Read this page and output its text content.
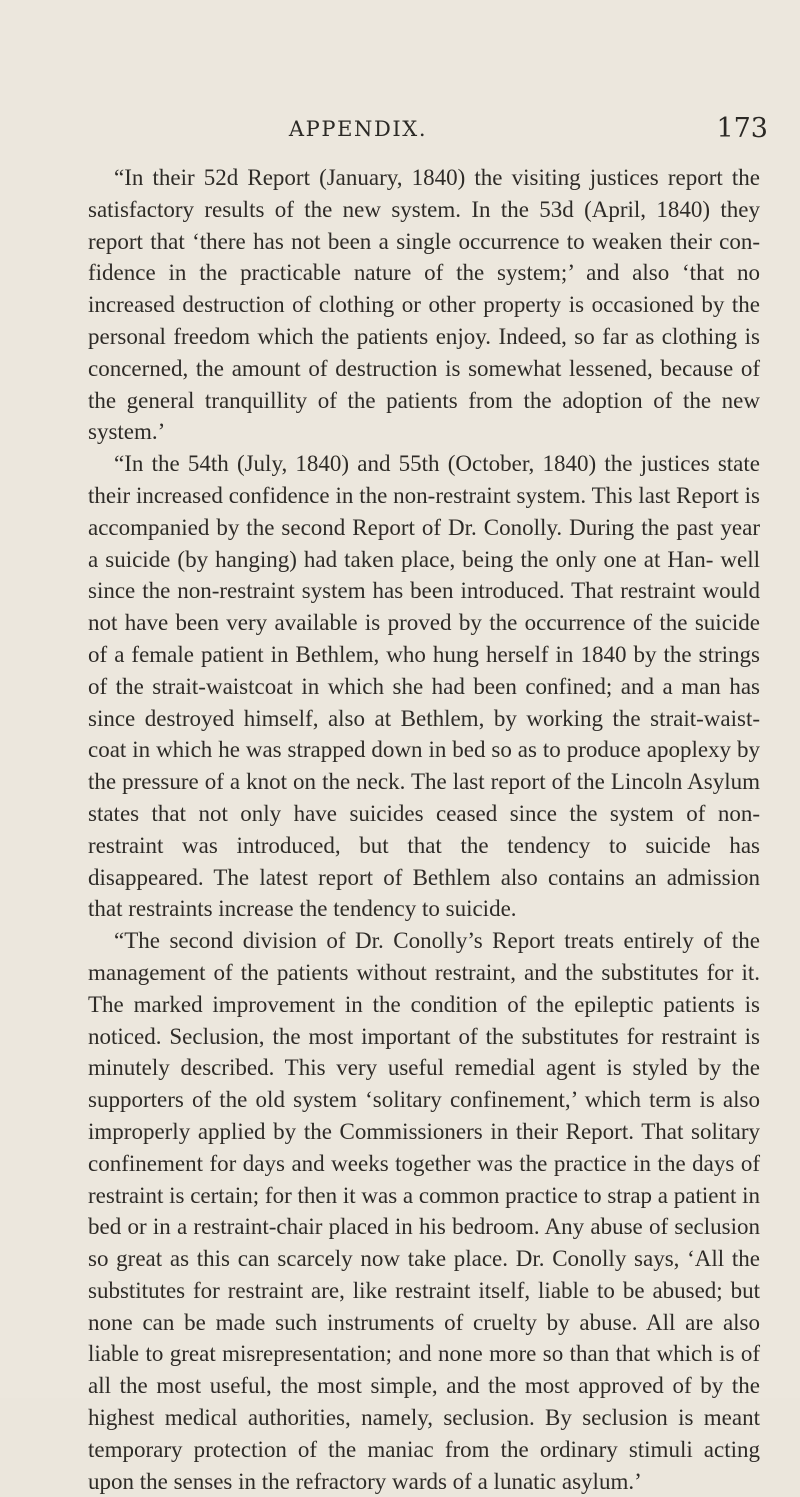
APPENDIX.	173

“In their 52d Report (January, 1840) the visiting justices report the satisfactory results of the new system. In the 53d (April, 1840) they report that ‘there has not been a single occurrence to weaken their con- fidence in the practicable nature of the system;’ and also ‘that no increased destruction of clothing or other property is occasioned by the personal freedom which the patients enjoy. Indeed, so far as clothing is concerned, the amount of destruction is somewhat lessened, because of the general tranquillity of the patients from the adoption of the new system.’

“In the 54th (July, 1840) and 55th (October, 1840) the justices state their increased confidence in the non-restraint system. This last Report is accompanied by the second Report of Dr. Conolly. During the past year a suicide (by hanging) had taken place, being the only one at Han- well since the non-restraint system has been introduced. That restraint would not have been very available is proved by the occurrence of the suicide of a female patient in Bethlem, who hung herself in 1840 by the strings of the strait-waistcoat in which she had been confined; and a man has since destroyed himself, also at Bethlem, by working the strait-waist- coat in which he was strapped down in bed so as to produce apoplexy by the pressure of a knot on the neck. The last report of the Lincoln Asylum states that not only have suicides ceased since the system of non- restraint was introduced, but that the tendency to suicide has disappeared. The latest report of Bethlem also contains an admission that restraints increase the tendency to suicide.

“The second division of Dr. Conolly’s Report treats entirely of the management of the patients without restraint, and the substitutes for it. The marked improvement in the condition of the epileptic patients is noticed. Seclusion, the most important of the substitutes for restraint is minutely described. This very useful remedial agent is styled by the supporters of the old system ‘solitary confinement,’ which term is also improperly applied by the Commissioners in their Report. That solitary confinement for days and weeks together was the practice in the days of restraint is certain; for then it was a common practice to strap a patient in bed or in a restraint-chair placed in his bedroom. Any abuse of seclusion so great as this can scarcely now take place. Dr. Conolly says, ‘All the substitutes for restraint are, like restraint itself, liable to be abused; but none can be made such instruments of cruelty by abuse. All are also liable to great misrepresentation; and none more so than that which is of all the most useful, the most simple, and the most approved of by the highest medical authorities, namely, seclusion. By seclusion is meant temporary protection of the maniac from the ordinary stimuli acting upon the senses in the refractory wards of a lunatic asylum.’
